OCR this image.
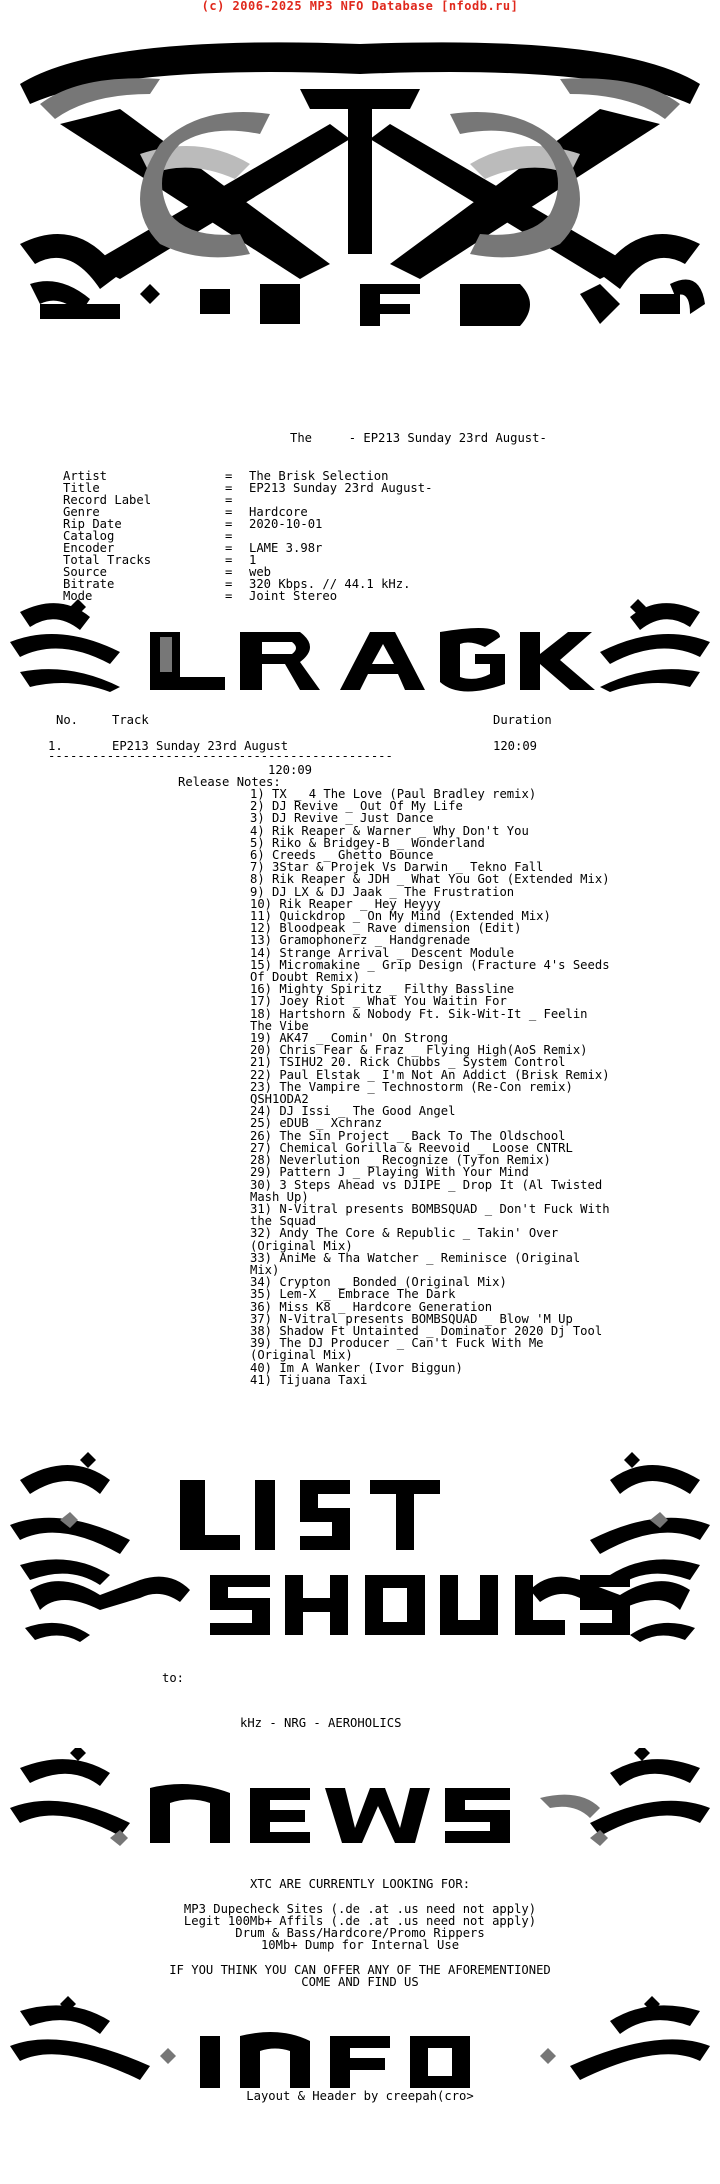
(c) 2006-2025 MP3 NFO Database [nfodb.ru]
The     - EP213 Sunday 23rd August-

Artist	= The Brisk Selection

Title	= EP213 Sunday 23rd August-

Record Label	=

Genre	= Hardcore

Rip Date	= 2020-10-01

Catalog	=

Encoder	= LAME 3.98r

Total Tracks	= 1

Source	= web

Bitrate	= 320 Kbps. // 44.1 kHz.

Mode	= Joint Stereo

No.	Track	Duration
1.	EP213 Sunday 23rd August	120:09
-----------------------------------------------
120:09
Release Notes:
1) TX _ 4 The Love (Paul Bradley remix)
2) DJ Revive _ Out Of My Life
3) DJ Revive _ Just Dance
4) Rik Reaper & Warner _ Why Don't You
5) Riko & Bridgey-B _ Wonderland
6) Creeds _ Ghetto Bounce
7) 3Star & Projek Vs Darwin _ Tekno Fall
8) Rik Reaper & JDH _ What You Got (Extended Mix)
9) DJ LX & DJ Jaak _ The Frustration
10) Rik Reaper _ Hey Heyyy
11) Quickdrop _ On My Mind (Extended Mix)
12) Bloodpeak _ Rave dimension (Edit)
13) Gramophonerz _ Handgrenade
14) Strange Arrival _ Descent Module
15) Micromakine _ Grip Design (Fracture 4's Seeds Of Doubt Remix)
16) Mighty Spiritz _ Filthy Bassline
17) Joey Riot _ What You Waitin For
18) Hartshorn & Nobody Ft. Sik-Wit-It _ Feelin The Vibe
19) AK47 _ Comin' On Strong
20) Chris Fear & Fraz _ Flying High(AoS Remix)
21) TSIHU2 20. Rick Chubbs _ System Control
22) Paul Elstak _ I'm Not An Addict (Brisk Remix)
23) The Vampire _ Technostorm (Re-Con remix) QSH1ODA2
24) DJ Issi _ The Good Angel
25) eDUB _ Xchranz
26) The Sin Project _ Back To The Oldschool
27) Chemical Gorilla & Reevoid _ Loose CNTRL
28) Neverlution _ Recognize (Tyfon Remix)
29) Pattern J _ Playing With Your Mind
30) 3 Steps Ahead vs DJIPE _ Drop It (Al Twisted Mash Up)
31) N-Vitral presents BOMBSQUAD _ Don't Fuck With the Squad
32) Andy The Core & Republic _ Takin' Over (Original Mix)
33) AniMe & Tha Watcher _ Reminisce (Original Mix)
34) Crypton _ Bonded (Original Mix)
35) Lem-X _ Embrace The Dark
36) Miss K8 _ Hardcore Generation
37) N-Vitral presents BOMBSQUAD _ Blow 'M Up
38) Shadow Ft Untainted _ Dominator 2020 Dj Tool
39) The DJ Producer _ Can't Fuck With Me (Original Mix)
40) Im A Wanker (Ivor Biggun)
41) Tijuana Taxi
to:
kHz - NRG - AEROHOLICS
XTC ARE CURRENTLY LOOKING FOR:
MP3 Dupecheck Sites (.de .at .us need not apply)
Legit 100Mb+ Affils (.de .at .us need not apply)
Drum & Bass/Hardcore/Promo Rippers
10Mb+ Dump for Internal Use
IF YOU THINK YOU CAN OFFER ANY OF THE AFOREMENTIONED
COME AND FIND US
Layout & Header by creepah(cro>
